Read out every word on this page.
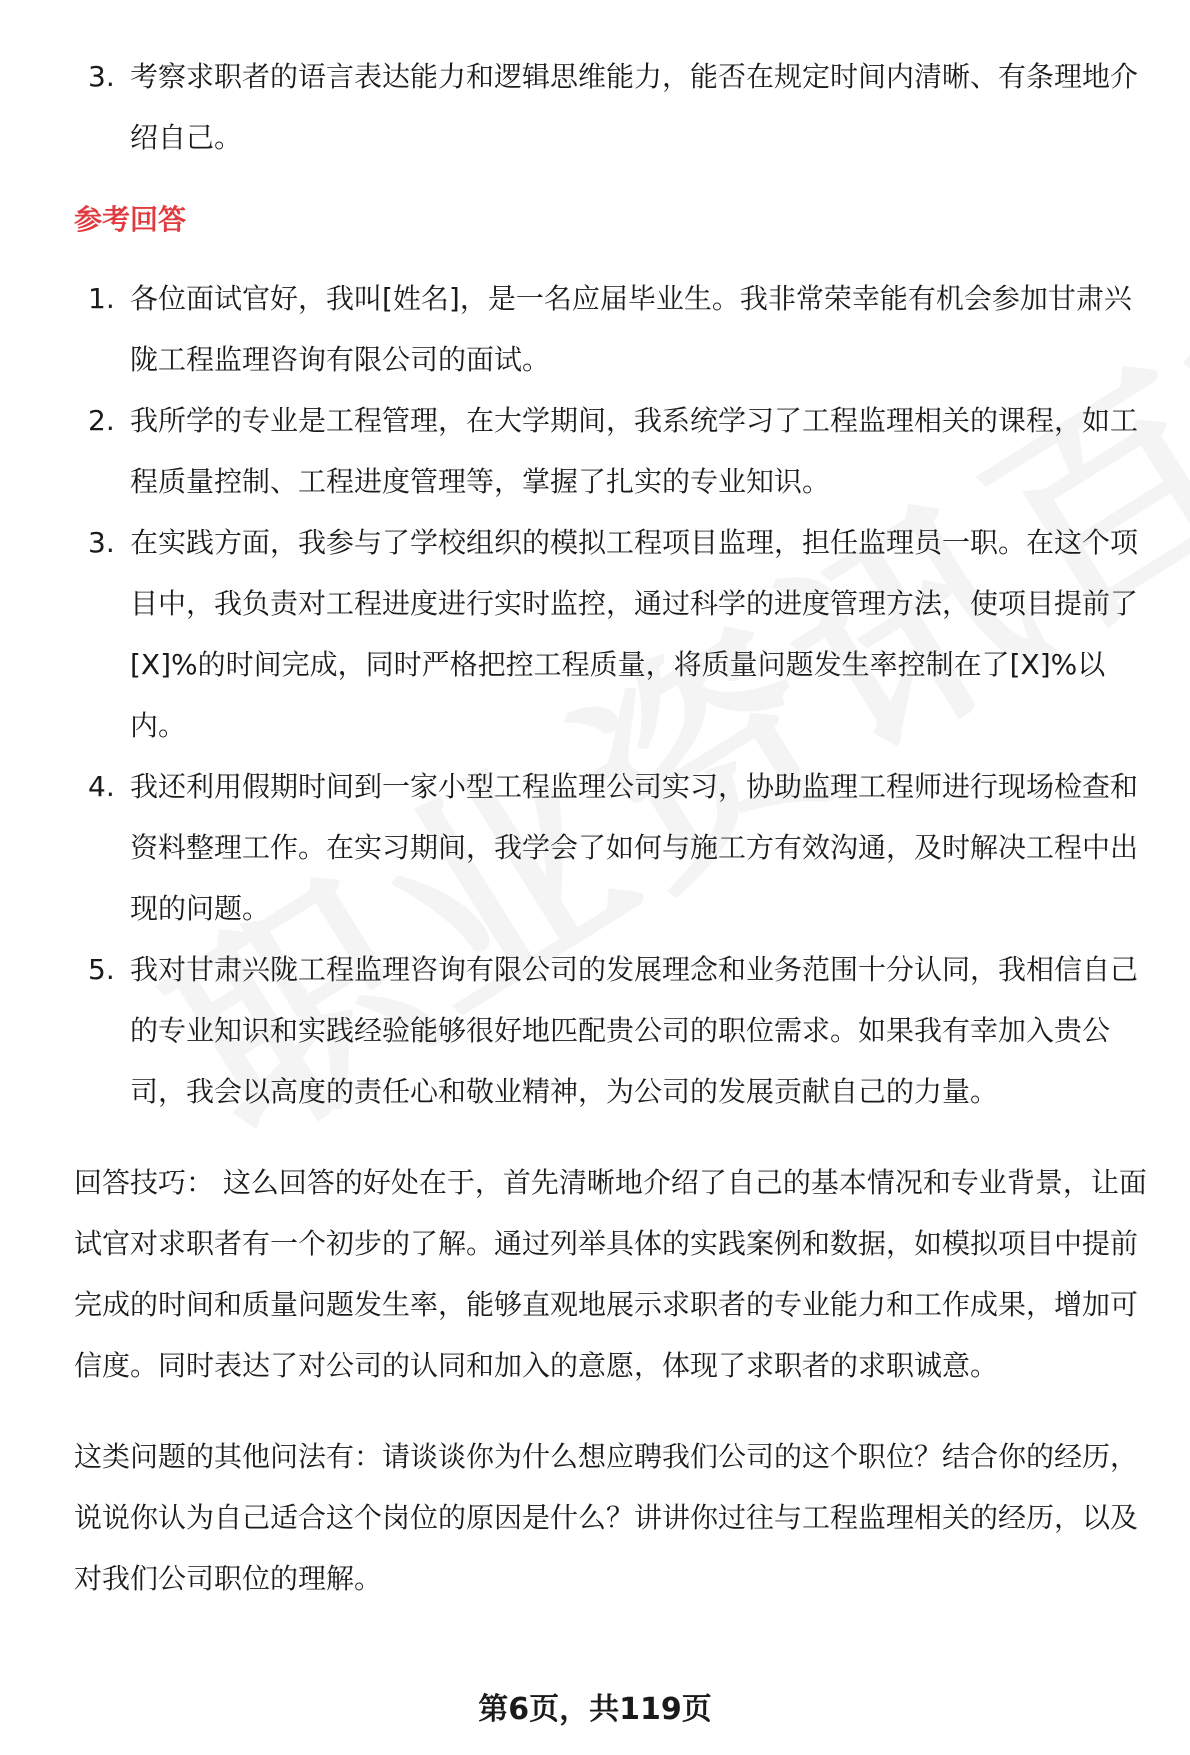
3. 考察求职者的语言表达能力和逻辑思维能力，能否在规定时间内清晰、有条理地介绍自己。
参考回答
1. 各位面试官好，我叫[姓名]，是一名应届毕业生。我非常荣幸能有机会参加甘肃兴陇工程监理咨询有限公司的面试。
2. 我所学的专业是工程管理，在大学期间，我系统学习了工程监理相关的课程，如工程质量控制、工程进度管理等，掌握了扎实的专业知识。
3. 在实践方面，我参与了学校组织的模拟工程项目监理，担任监理员一职。在这个项目中，我负责对工程进度进行实时监控，通过科学的进度管理方法，使项目提前了[X]%的时间完成，同时严格把控工程质量，将质量问题发生率控制在了[X]%以内。
4. 我还利用假期时间到一家小型工程监理公司实习，协助监理工程师进行现场检查和资料整理工作。在实习期间，我学会了如何与施工方有效沟通，及时解决工程中出现的问题。
5. 我对甘肃兴陇工程监理咨询有限公司的发展理念和业务范围十分认同，我相信自己的专业知识和实践经验能够很好地匹配贵公司的职位需求。如果我有幸加入贵公司，我会以高度的责任心和敬业精神，为公司的发展贡献自己的力量。

回答技巧： 这么回答的好处在于，首先清晰地介绍了自己的基本情况和专业背景，让面试官对求职者有一个初步的了解。通过列举具体的实践案例和数据，如模拟项目中提前完成的时间和质量问题发生率，能够直观地展示求职者的专业能力和工作成果，增加可信度。同时表达了对公司的认同和加入的意愿，体现了求职者的求职诚意。

这类问题的其他问法有：请谈谈你为什么想应聘我们公司的这个职位？结合你的经历，说说你认为自己适合这个岗位的原因是什么？讲讲你过往与工程监理相关的经历，以及对我们公司职位的理解。

第6页，共119页
